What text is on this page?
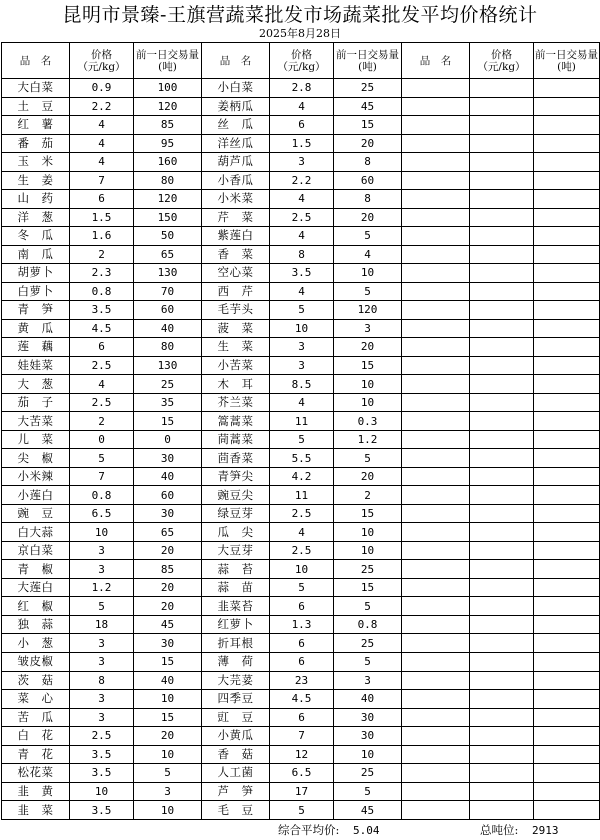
昆明市景臻-王旗营蔬菜批发市场蔬菜批发平均价格统计
2025年8月28日
品　名	价格（元/kg）	前一日交易量(吨)	品　名	价格（元/kg）	前一日交易量(吨)	品　名	价格（元/kg）	前一日交易量(吨)
大白菜	0.9	100	小白菜	2.8	25			
土　豆	2.2	120	姜柄瓜	4	45			
红　薯	4	85	丝　瓜	6	15			
番　茄	4	95	洋丝瓜	1.5	20			
玉　米	4	160	葫芦瓜	3	8			
生　姜	7	80	小香瓜	2.2	60			
山　药	6	120	小米菜	4	8			
洋　葱	1.5	150	芹　菜	2.5	20			
冬　瓜	1.6	50	紫莲白	4	5			
南　瓜	2	65	香　菜	8	4			
胡萝卜	2.3	130	空心菜	3.5	10			
白萝卜	0.8	70	西　芹	4	5			
青　笋	3.5	60	毛芋头	5	120			
黄　瓜	4.5	40	菠　菜	10	3			
莲　藕	6	80	生　菜	3	20			
娃娃菜	2.5	130	小苦菜	3	15			
大　葱	4	25	木　耳	8.5	10			
茄　子	2.5	35	芥兰菜	4	10			
大苦菜	2	15	篙蒿菜	11	0.3			
儿　菜	0	0	茼蒿菜	5	1.2			
尖　椒	5	30	茴香菜	5.5	5			
小米辣	7	40	青笋尖	4.2	20			
小莲白	0.8	60	豌豆尖	11	2			
豌　豆	6.5	30	绿豆芽	2.5	15			
白大蒜	10	65	瓜　尖	4	10			
京白菜	3	20	大豆芽	2.5	10			
青　椒	3	85	蒜　苔	10	25			
大莲白	1.2	20	蒜　苗	5	15			
红　椒	5	20	韭菜苔	6	5			
独　蒜	18	45	红萝卜	1.3	0.8			
小　葱	3	30	折耳根	6	25			
皱皮椒	3	15	薄　荷	6	5			
茨　菇	8	40	大芫荽	23	3			
菜　心	3	10	四季豆	4.5	40			
苦　瓜	3	15	豇　豆	6	30			
白　花	2.5	20	小黄瓜	7	30			
青　花	3.5	10	香　菇	12	10			
松花菜	3.5	5	人工菌	6.5	25			
韭　黄	10	3	芦　笋	17	5			
韭　菜	3.5	10	毛　豆	5	45			
综合平均价: 5.04	总吨位: 2913
